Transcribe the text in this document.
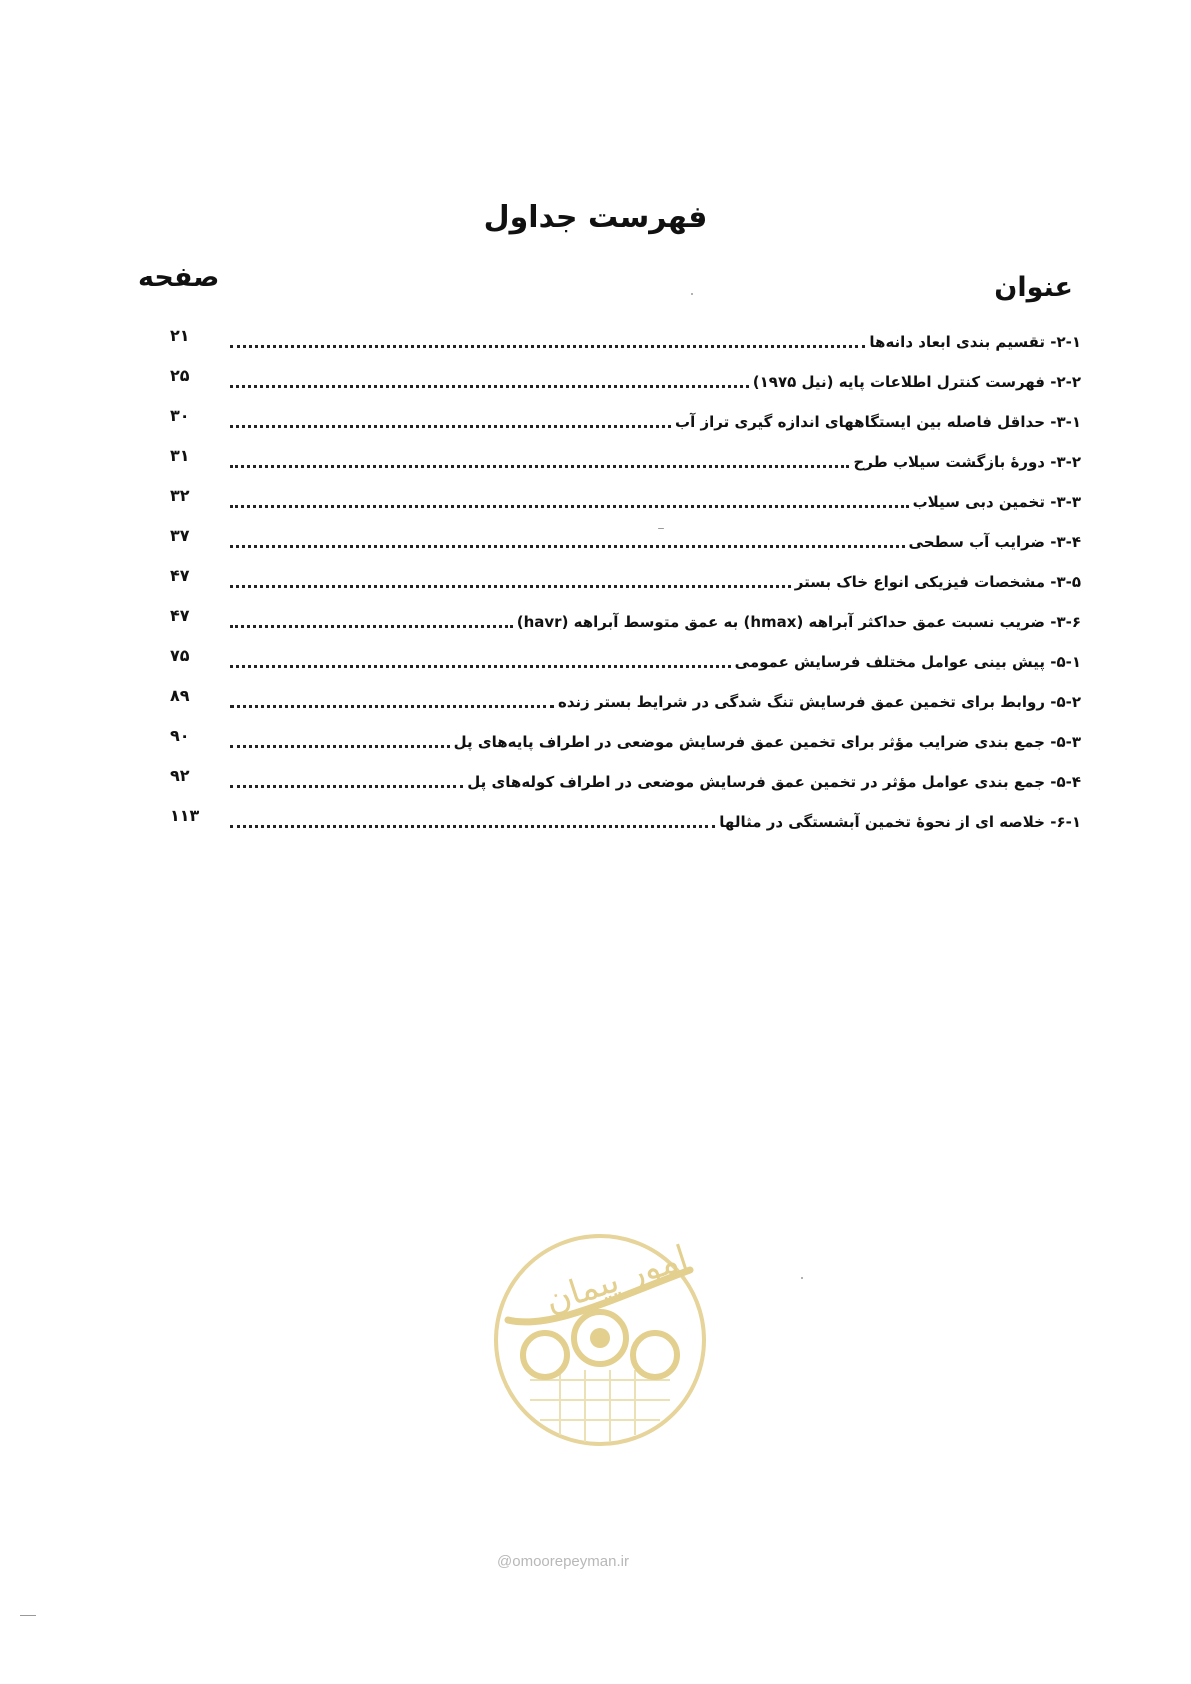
فهرست جداول
عنوان
صفحه
۲۱	۲-۱- تقسیم بندی ابعاد دانه‌ها
۲۵	۲-۲- فهرست کنترل اطلاعات پایه (نیل ۱۹۷۵)
۳۰	۳-۱- حداقل فاصله بین ایستگاههای اندازه گیری تراز آب
۳۱	۳-۲- دورهٔ بازگشت سیلاب طرح
۳۲	۳-۳- تخمین دبی سیلاب
۳۷	۳-۴- ضرایب آب سطحی
۴۷	۳-۵- مشخصات فیزیکی انواع خاک بستر
۴۷	۳-۶- ضریب نسبت عمق حداکثر آبراهه (hmax) به عمق متوسط آبراهه (havr)
۷۵	۵-۱- پیش بینی عوامل مختلف فرسایش عمومی
۸۹	۵-۲- روابط برای تخمین عمق فرسایش تنگ شدگی در شرایط بستر زنده
۹۰	۵-۳- جمع بندی ضرایب مؤثر برای تخمین عمق فرسایش موضعی در اطراف پایه‌های پل
۹۲	۵-۴- جمع بندی عوامل مؤثر در تخمین عمق فرسایش موضعی در اطراف کوله‌های پل
۱۱۳	۶-۱- خلاصه ای از نحوهٔ تخمین آبشستگی در مثالها
امور پیمان
@omoorepeyman.ir
